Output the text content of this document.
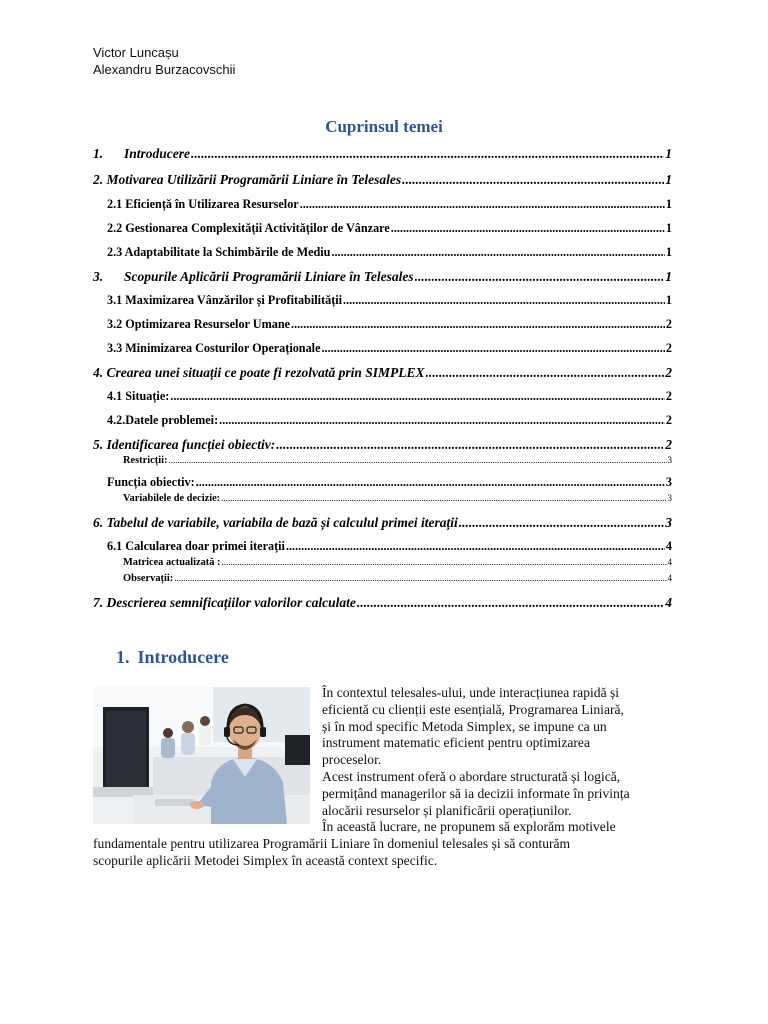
Victor Luncașu
Alexandru Burzacovschii
Cuprinsul temei
1. Introducere .....	1
2. Motivarea Utilizării Programării Liniare în Telesales .....	1
2.1 Eficiență în Utilizarea Resurselor .....	1
2.2 Gestionarea Complexității Activităților de Vânzare .....	1
2.3 Adaptabilitate la Schimbările de Mediu .....	1
3. Scopurile Aplicării Programării Liniare în Telesales .....	1
3.1 Maximizarea Vânzărilor și Profitabilității .....	1
3.2 Optimizarea Resurselor Umane .....	2
3.3 Minimizarea Costurilor Operaționale .....	2
4. Crearea unei situații ce poate fi rezolvată prin SIMPLEX .....	2
4.1 Situație: .....	2
4.2.Datele problemei: .....	2
5. Identificarea funcției obiectiv: .....	2
Restricții: .....	3
Funcția obiectiv: .....	3
Variabilele de decizie: .....	3
6. Tabelul de variabile, variabila de bază și calculul primei iterații .....	3
6.1 Calcularea doar primei iterații .....	4
Matricea actualizată : .....	4
Observații: .....	4
7. Descrierea semnificațiilor valorilor calculate .....	4
1. Introducere
În contextul telesales-ului, unde interacțiunea rapidă și
eficientă cu clienții este esențială, Programarea Liniară,
și în mod specific Metoda Simplex, se impune ca un
instrument matematic eficient pentru optimizarea
proceselor.
Acest instrument oferă o abordare structurată și logică,
permițând managerilor să ia decizii informate în privința
alocării resurselor și planificării operațiunilor.
În această lucrare, ne propunem să explorăm motivele
fundamentale pentru utilizarea Programării Liniare în domeniul telesales și să conturăm
scopurile aplicării Metodei Simplex în această context specific.
